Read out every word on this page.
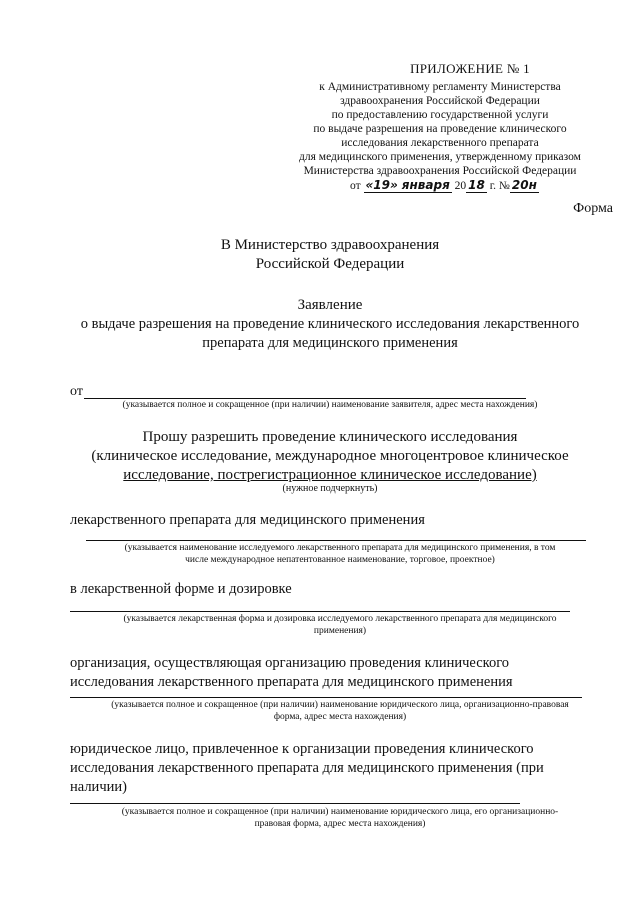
ПРИЛОЖЕНИЕ № 1
к Административному регламенту Министерства
здравоохранения Российской Федерации
по предоставлению государственной услуги
по выдаче разрешения на проведение клинического
исследования лекарственного препарата
для медицинского применения, утвержденному приказом
Министерства здравоохранения Российской Федерации
от «19» января 20 18 г. № 20н
Форма
В Министерство здравоохранения
Российской Федерации
Заявление
о выдаче разрешения на проведение клинического исследования лекарственного
препарата для медицинского применения
от
(указывается полное и сокращенное (при наличии) наименование заявителя, адрес места нахождения)
Прошу разрешить проведение клинического исследования
(клиническое исследование, международное многоцентровое клиническое
исследование, пострегистрационное клиническое исследование)
(нужное подчеркнуть)
лекарственного препарата для медицинского применения
(указывается наименование исследуемого лекарственного препарата для медицинского применения, в том
числе международное непатентованное наименование, торговое, проектное)
в лекарственной форме и дозировке
(указывается лекарственная форма и дозировка исследуемого лекарственного препарата для медицинского
применения)
организация, осуществляющая организацию проведения клинического
исследования лекарственного препарата для медицинского применения
(указывается полное и сокращенное (при наличии) наименование юридического лица, организационно-правовая
форма, адрес места нахождения)
юридическое лицо, привлеченное к организации проведения клинического
исследования лекарственного препарата для медицинского применения (при
наличии)
(указывается полное и сокращенное (при наличии) наименование юридического лица, его организационно-
правовая форма, адрес места нахождения)
